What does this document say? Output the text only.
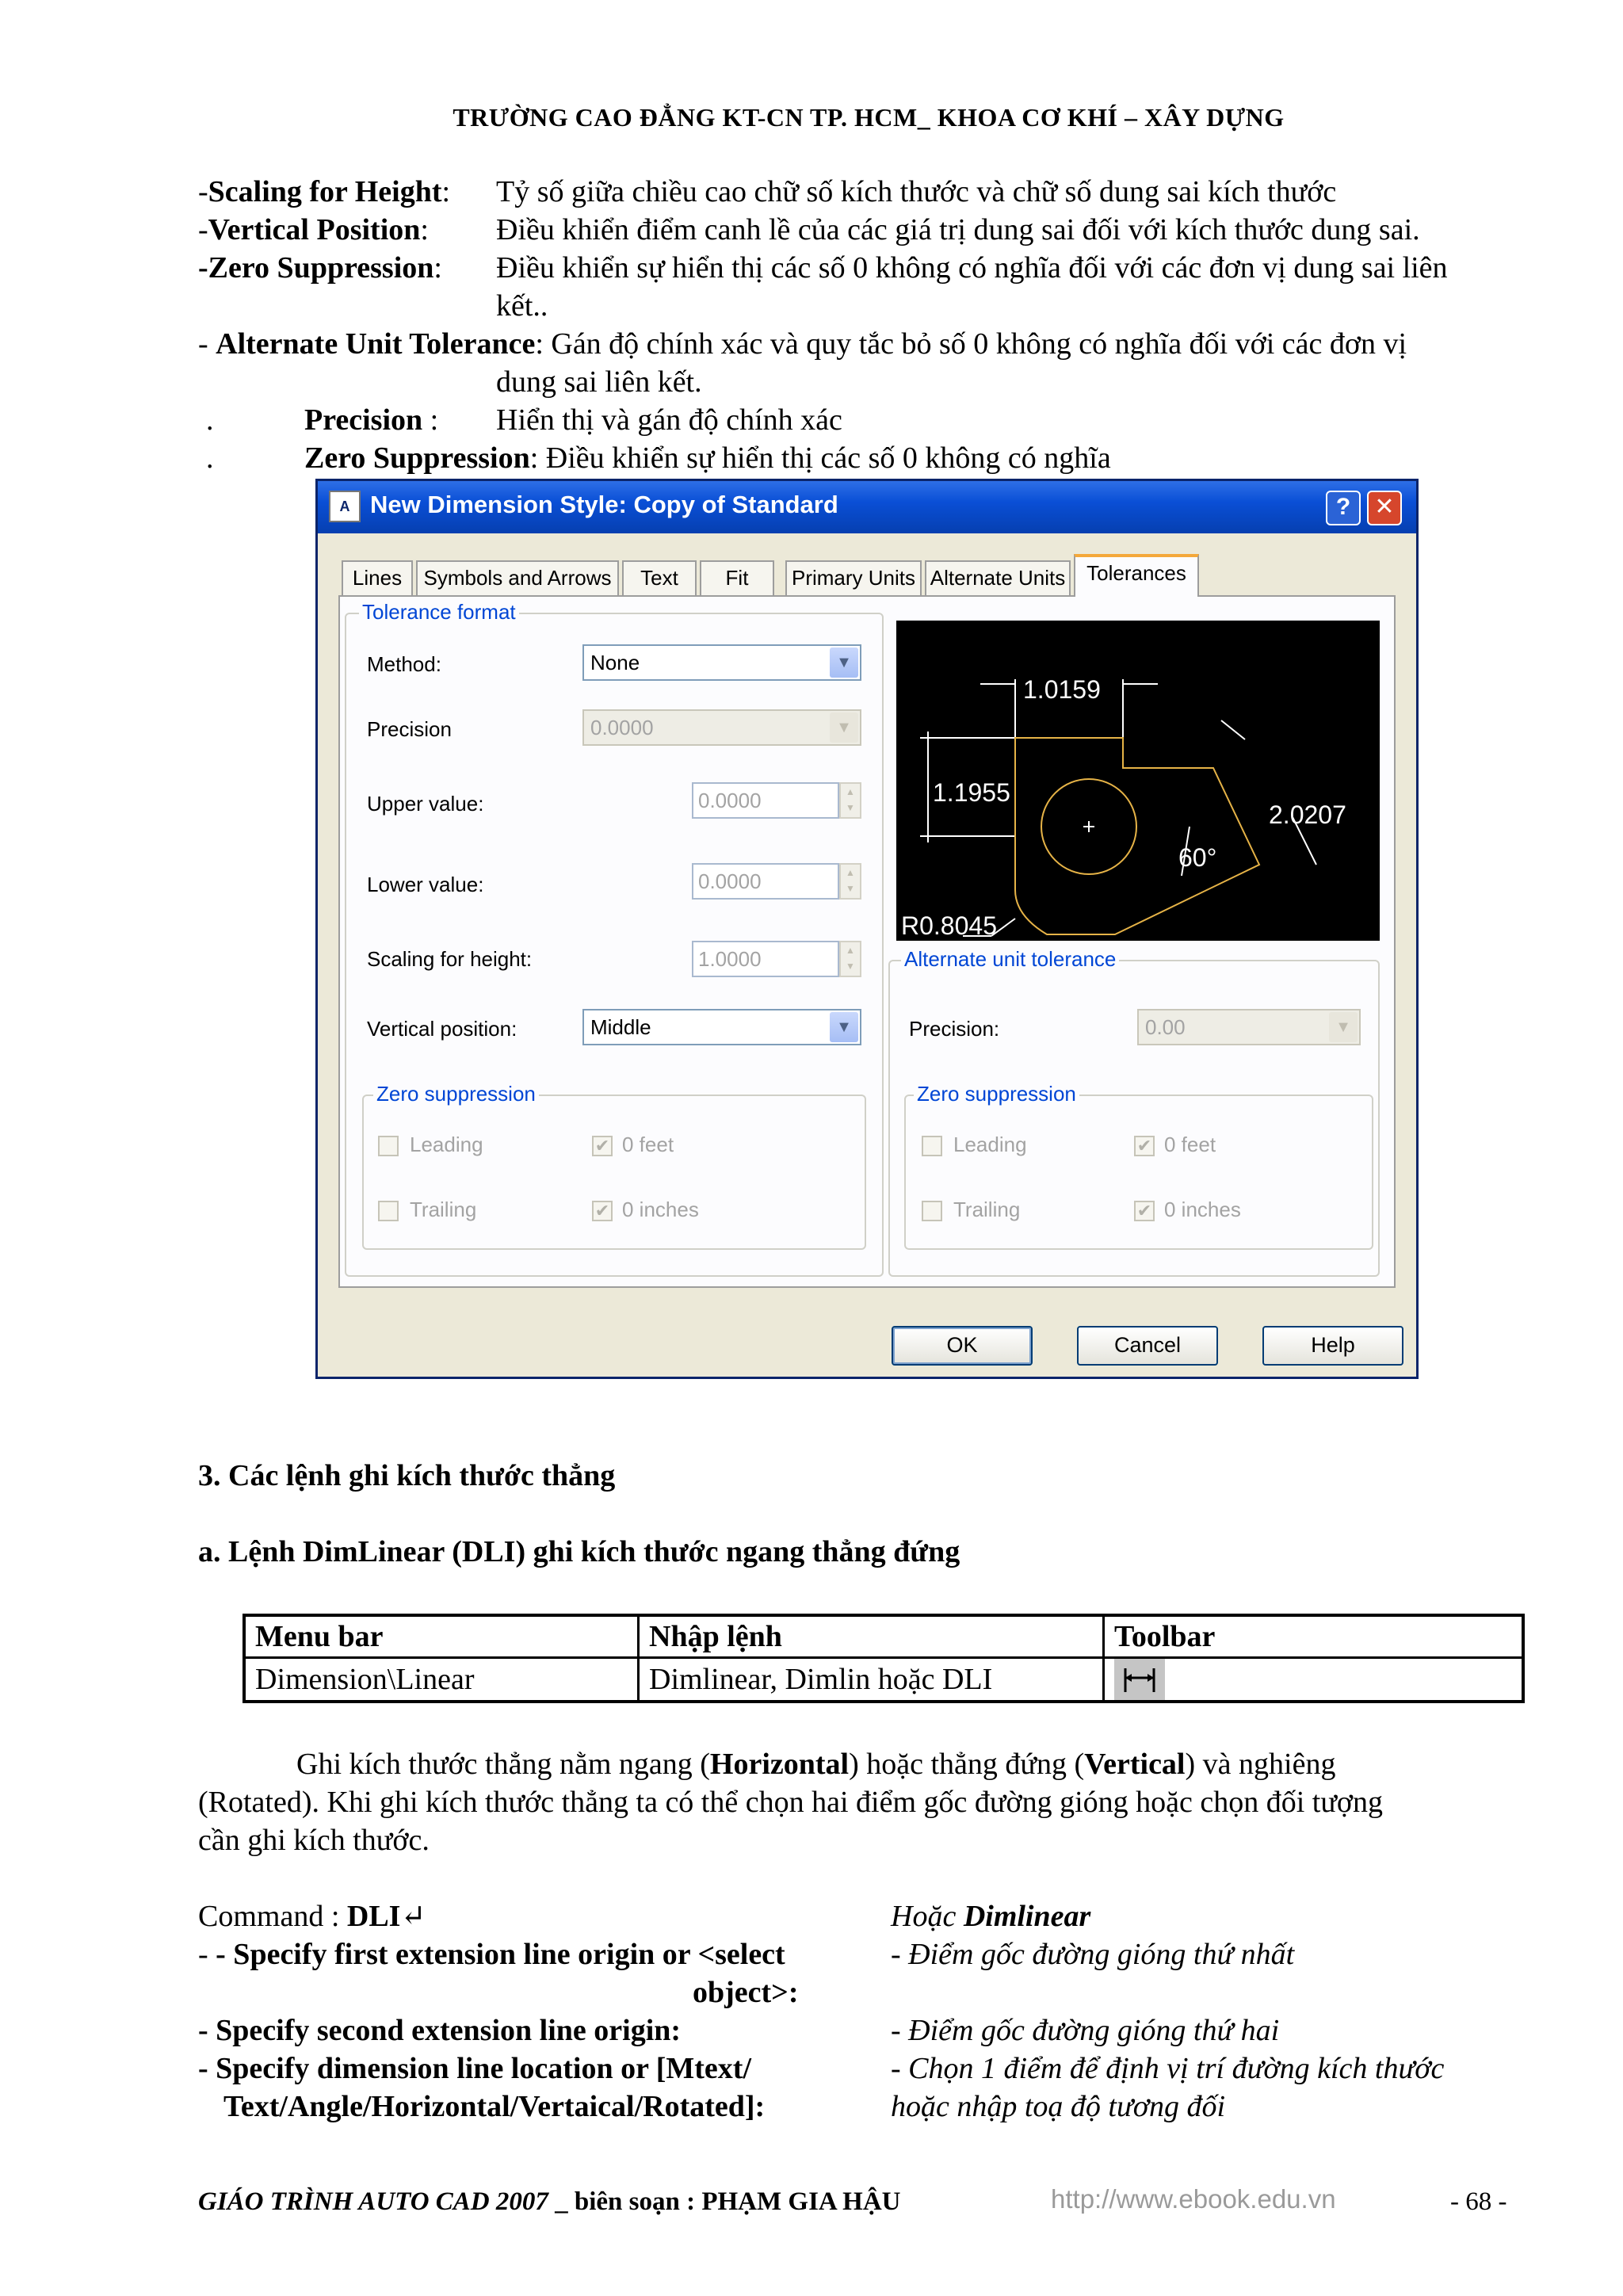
TRƯỜNG CAO ĐẲNG KT-CN TP. HCM_ KHOA CƠ KHÍ – XÂY DỰNG
-Scaling for Height: Tỷ số giữa chiều cao chữ số kích thước và chữ số dung sai kích thước
-Vertical Position: Điều khiển điểm canh lề của các giá trị dung sai đối với kích thước dung sai.
-Zero Suppression: Điều khiển sự hiển thị các số 0 không có nghĩa đối với các đơn vị dung sai liên
kết..
- Alternate Unit Tolerance: Gán độ chính xác và quy tắc bỏ số 0 không có nghĩa đối với các đơn vị
dung sai liên kết.
.	Precision : Hiển thị và gán độ chính xác
.	Zero Suppression: Điều khiển sự hiển thị các số 0 không có nghĩa
A New Dimension Style: Copy of Standard	?	✕
Lines	Symbols and Arrows	Text	Fit	Primary Units Alternate Units	Tolerances
Tolerance format
Method:	None	▼
Precision	0.0000	▼
Upper value:	0.0000	▲
▼
Lower value:	0.0000	▲
▼
Scaling for height:	1.0000	▲
▼
Vertical position:	Middle	▼
Zero suppression
Leading	✔ 0 feet
Trailing	✔ 0 inches
1.0159
1.1955
2.0207
60°
R0.8045
Alternate unit tolerance
Precision:	0.00	▼
Zero suppression
Leading	✔ 0 feet
Trailing	✔ 0 inches
OK	Cancel	Help
3. Các lệnh ghi kích thước thẳng
a. Lệnh DimLinear (DLI) ghi kích thước ngang thẳng đứng
Menu bar	Nhập lệnh	Toolbar
Dimension\Linear	Dimlinear, Dimlin hoặc DLI	
Ghi kích thước thẳng nằm ngang (Horizontal) hoặc thẳng đứng (Vertical) và nghiêng
(Rotated). Khi ghi kích thước thẳng ta có thể chọn hai điểm gốc đường gióng hoặc chọn đối tượng
cần ghi kích thước.
Command : DLI↵	Hoặc Dimlinear
- - Specify first extension line origin or <select
object>:
- Điểm gốc đường gióng thứ nhất
- Specify second extension line origin:	- Điểm gốc đường gióng thứ hai
- Specify dimension line location or [Mtext/
Text/Angle/Horizontal/Vertaical/Rotated]:
- Chọn 1 điểm để định vị trí đường kích thước
hoặc nhập toạ độ tương đối
GIÁO TRÌNH AUTO CAD 2007 _ biên soạn : PHẠM GIA HẬU	http://www.ebook.edu.vn	- 68 -
